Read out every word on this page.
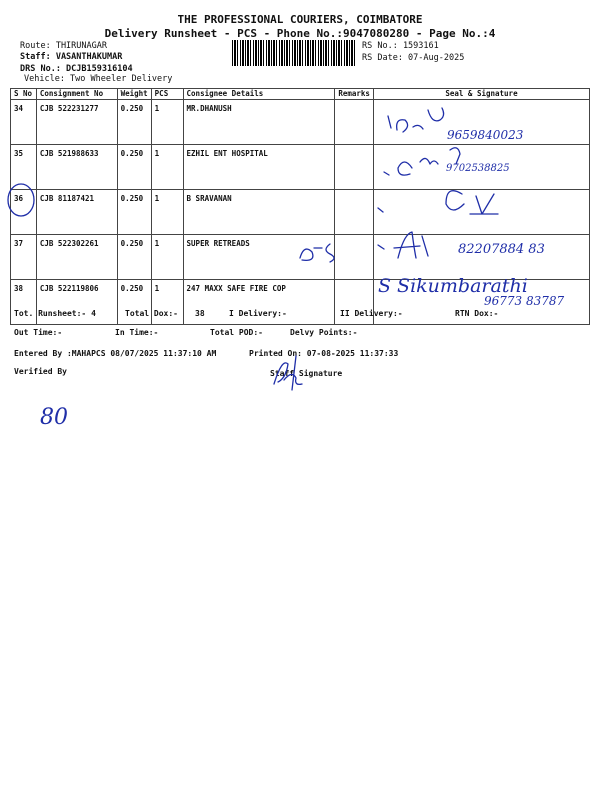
THE PROFESSIONAL COURIERS, COIMBATORE
Delivery Runsheet - PCS - Phone No.:9047080280 - Page No.:4
Route: THIRUNAGAR
Staff: VASANTHAKUMAR
DRS No.: DCJB159316104
Vehicle: Two Wheeler Delivery
RS No.: 1593161
RS Date: 07-Aug-2025
S No	Consignment No	Weight	PCS	Consignee Details	Remarks	Seal & Signature
34	CJB 522231277	0.250	1	MR.DHANUSH		
35	CJB 521988633	0.250	1	EZHIL ENT HOSPITAL		
36	CJB 81187421	0.250	1	B SRAVANAN		
37	CJB 522302261	0.250	1	SUPER RETREADS		
38	CJB 522119806	0.250	1	247 MAXX SAFE FIRE COP		
Tot. Runsheet:- 4	Total Dox:- 38	I Delivery:-	II Delivery:-	RTN Dox:-
Out Time:-	In Time:-	Total POD:-	Delvy Points:-
Entered By :MAHAPCS 08/07/2025 11:37:10 AM	Printed On: 07-08-2025 11:37:33
Verified By	Staff Signature
9659840023
9702538825
82207884 83
S Sikumbarathi
96773 83787
80
